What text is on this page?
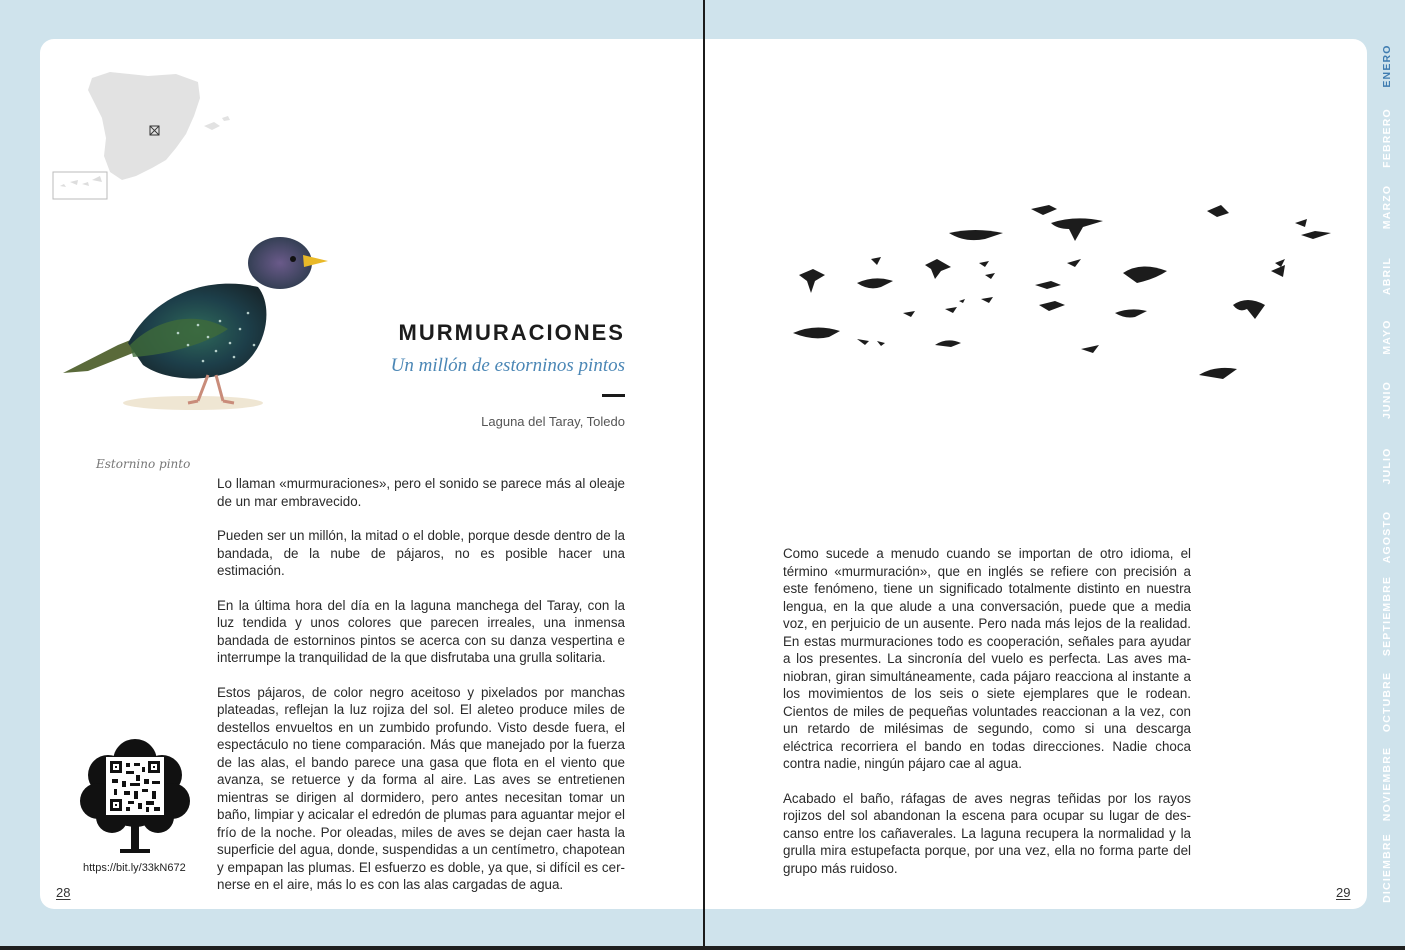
Estornino pinto
MURMURACIONES
Un millón de estorninos pintos
Laguna del Taray, Toledo

Lo llaman «murmuraciones», pero el sonido se parece más al oleaje de un mar embravecido.

Pueden ser un millón, la mitad o el doble, porque desde dentro de la bandada, de la nube de pájaros, no es posible hacer una estimación.

En la última hora del día en la laguna manchega del Taray, con la luz tendida y unos colores que parecen irreales, una inmensa bandada de estorninos pintos se acerca con su danza vespertina e interrumpe la tranquilidad de la que disfrutaba una grulla solitaria.

Estos pájaros, de color negro aceitoso y pixelados por manchas plateadas, reflejan la luz rojiza del sol. El aleteo produce miles de destellos envueltos en un zumbido profundo. Visto desde fuera, el espectáculo no tiene comparación. Más que manejado por la fuerza de las alas, el bando parece una gasa que flota en el viento que avanza, se retuerce y da forma al aire. Las aves se entretienen mientras se dirigen al dormidero, pero antes necesitan tomar un baño, limpiar y acicalar el edredón de plumas para aguantar mejor el frío de la noche. Por oleadas, miles de aves se dejan caer hasta la superficie del agua, donde, suspendidas a un centímetro, chapotean y empapan las plumas. El esfuerzo es doble, ya que, si difícil es cer-nerse en el aire, más lo es con las alas cargadas de agua.

https://bit.ly/33kN672
28

Como sucede a menudo cuando se importan de otro idioma, el término «murmuración», que en inglés se refiere con precisión a este fenómeno, tiene un significado totalmente distinto en nuestra lengua, en la que alude a una conversación, puede que a media voz, en perjuicio de un ausente. Pero nada más lejos de la realidad. En estas murmuraciones todo es cooperación, señales para ayudar a los presentes. La sincronía del vuelo es perfecta. Las aves ma-niobran, giran simultáneamente, cada pájaro reacciona al instante a los movimientos de los seis o siete ejemplares que le rodean. Cientos de miles de pequeñas voluntades reaccionan a la vez, con un retardo de milésimas de segundo, como si una descarga eléctrica recorriera el bando en todas direcciones. Nadie choca contra nadie, ningún pájaro cae al agua.

Acabado el baño, ráfagas de aves negras teñidas por los rayos rojizos del sol abandonan la escena para ocupar su lugar de des-canso entre los cañaverales. La laguna recupera la normalidad y la grulla mira estupefacta porque, por una vez, ella no forma parte del grupo más ruidoso.

29
ENERO
FEBRERO
MARZO
ABRIL
MAYO
JUNIO
JULIO
AGOSTO
SEPTIEMBRE
OCTUBRE
NOVIEMBRE
DICIEMBRE
